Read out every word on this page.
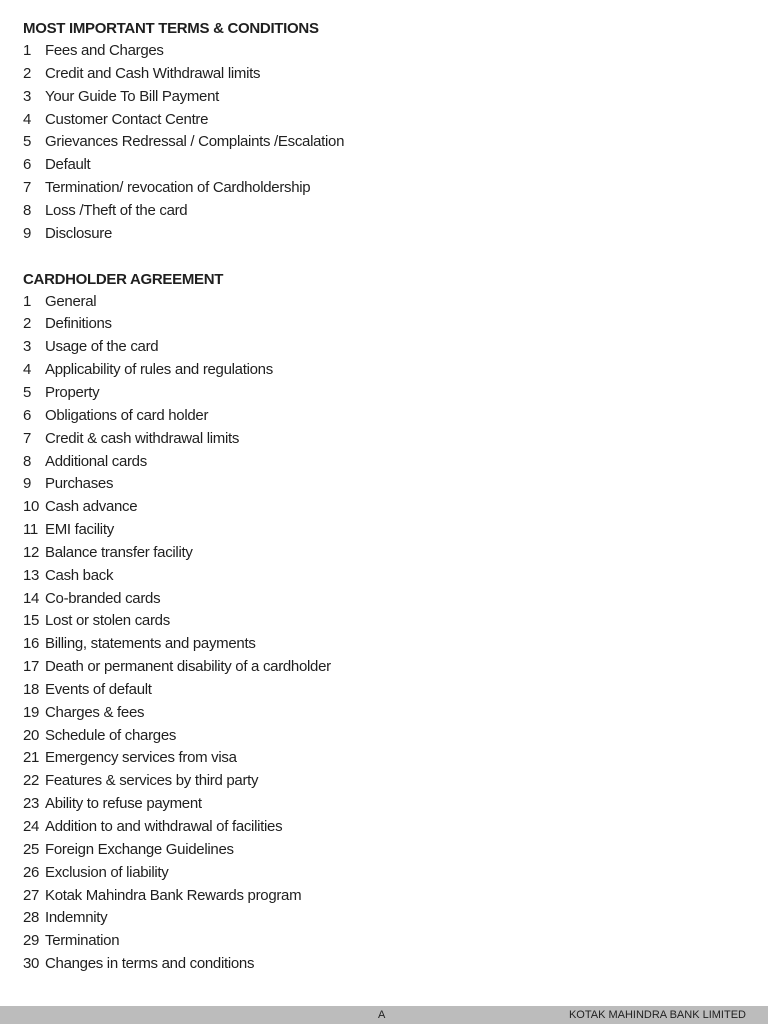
MOST IMPORTANT TERMS & CONDITIONS
1 Fees and Charges
2 Credit and Cash Withdrawal limits
3 Your Guide To Bill Payment
4 Customer Contact Centre
5 Grievances Redressal / Complaints /Escalation
6 Default
7 Termination/ revocation of Cardholdership
8 Loss /Theft of the card
9 Disclosure
CARDHOLDER AGREEMENT
1 General
2 Definitions
3 Usage of the card
4 Applicability of rules and regulations
5 Property
6 Obligations of card holder
7 Credit & cash withdrawal limits
8 Additional cards
9 Purchases
10 Cash advance
11 EMI facility
12 Balance transfer facility
13 Cash back
14 Co-branded cards
15 Lost or stolen cards
16 Billing, statements and payments
17 Death or permanent disability of a cardholder
18 Events of default
19 Charges & fees
20 Schedule of charges
21 Emergency services from visa
22 Features & services by third party
23 Ability to refuse payment
24 Addition to and withdrawal of facilities
25 Foreign Exchange Guidelines
26 Exclusion of liability
27 Kotak Mahindra Bank Rewards program
28 Indemnity
29 Termination
30 Changes in terms and conditions
A	KOTAK MAHINDRA BANK LIMITED
